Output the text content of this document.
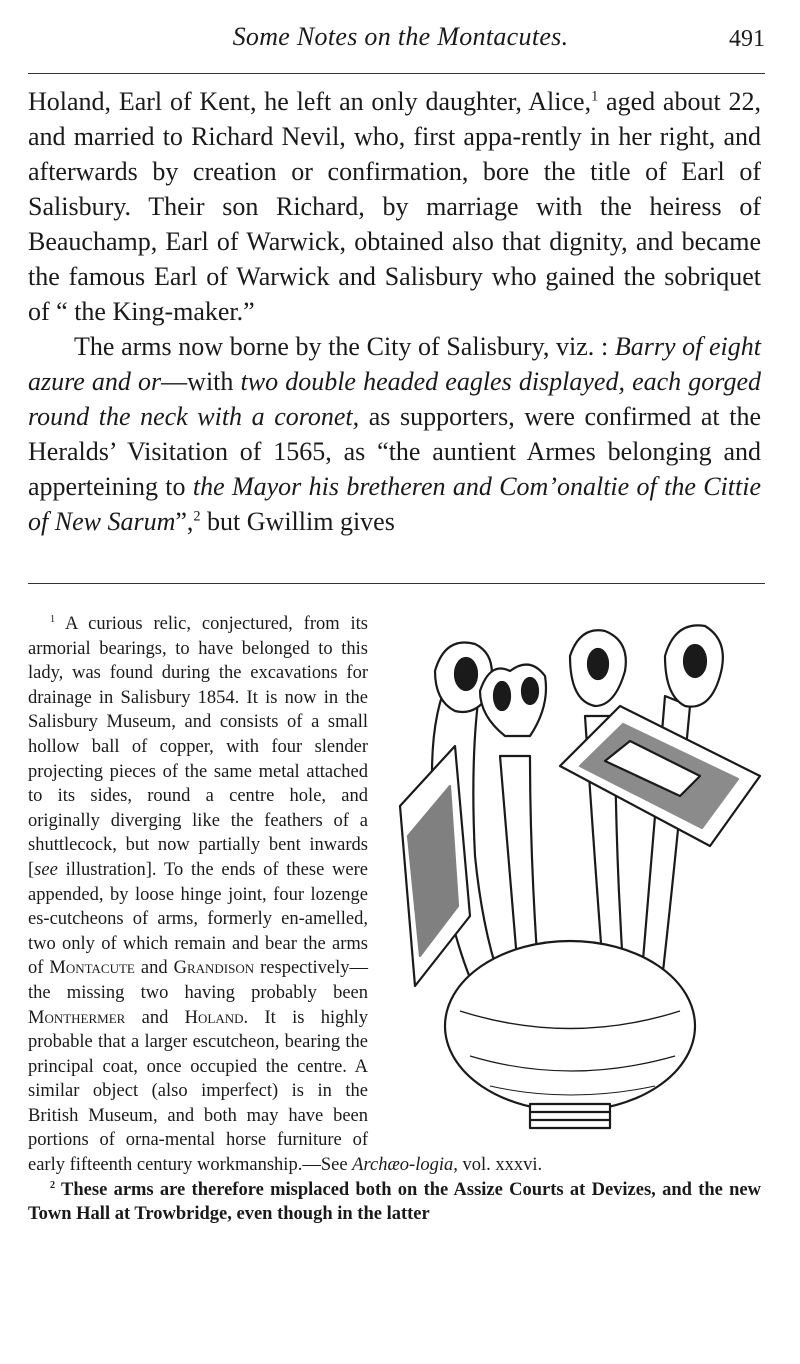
Some Notes on the Montacutes.	491

Holand, Earl of Kent, he left an only daughter, Alice,$^1$ aged about 22, and married to Richard Nevil, who, first appa-rently in her right, and afterwards by creation or confirmation, bore the title of Earl of Salisbury. Their son Richard, by marriage with the heiress of Beauchamp, Earl of Warwick, obtained also that dignity, and became the famous Earl of Warwick and Salisbury who gained the sobriquet of “ the King-maker.”

The arms now borne by the City of Salisbury, viz. : Barry of eight azure and or—with two double headed eagles displayed, each gorged round the neck with a coronet, as supporters, were confirmed at the Heralds’ Visitation of 1565, as “the auntient Armes belonging and apperteining to the Mayor his bretheren and Com’onaltie of the Cittie of New Sarum”,$^2$ but Gwillim gives

$^1$ A curious relic, conjectured, from its armorial bearings, to have belonged to this lady, was found during the excavations for drainage in Salisbury 1854. It is now in the Salisbury Museum, and consists of a small hollow ball of copper, with four slender projecting pieces of the same metal attached to its sides, round a centre hole, and originally diverging like the feathers of a shuttlecock, but now partially bent inwards [see illustration]. To the ends of these were appended, by loose hinge joint, four lozenge es-cutcheons of arms, formerly en-amelled, two only of which remain and bear the arms of Montacute and Grandison respectively—the missing two having probably been Monthermer and Holand. It is highly probable that a larger escutcheon, bearing the principal coat, once occupied the centre. A similar object (also imperfect) is in the British Museum, and both may have been portions of orna-mental horse furniture of early fifteenth century workmanship.—See Archæo-logia, vol. xxxvi.

$^2$ These arms are therefore misplaced both on the Assize Courts at Devizes, and the new Town Hall at Trowbridge, even though in the latter
